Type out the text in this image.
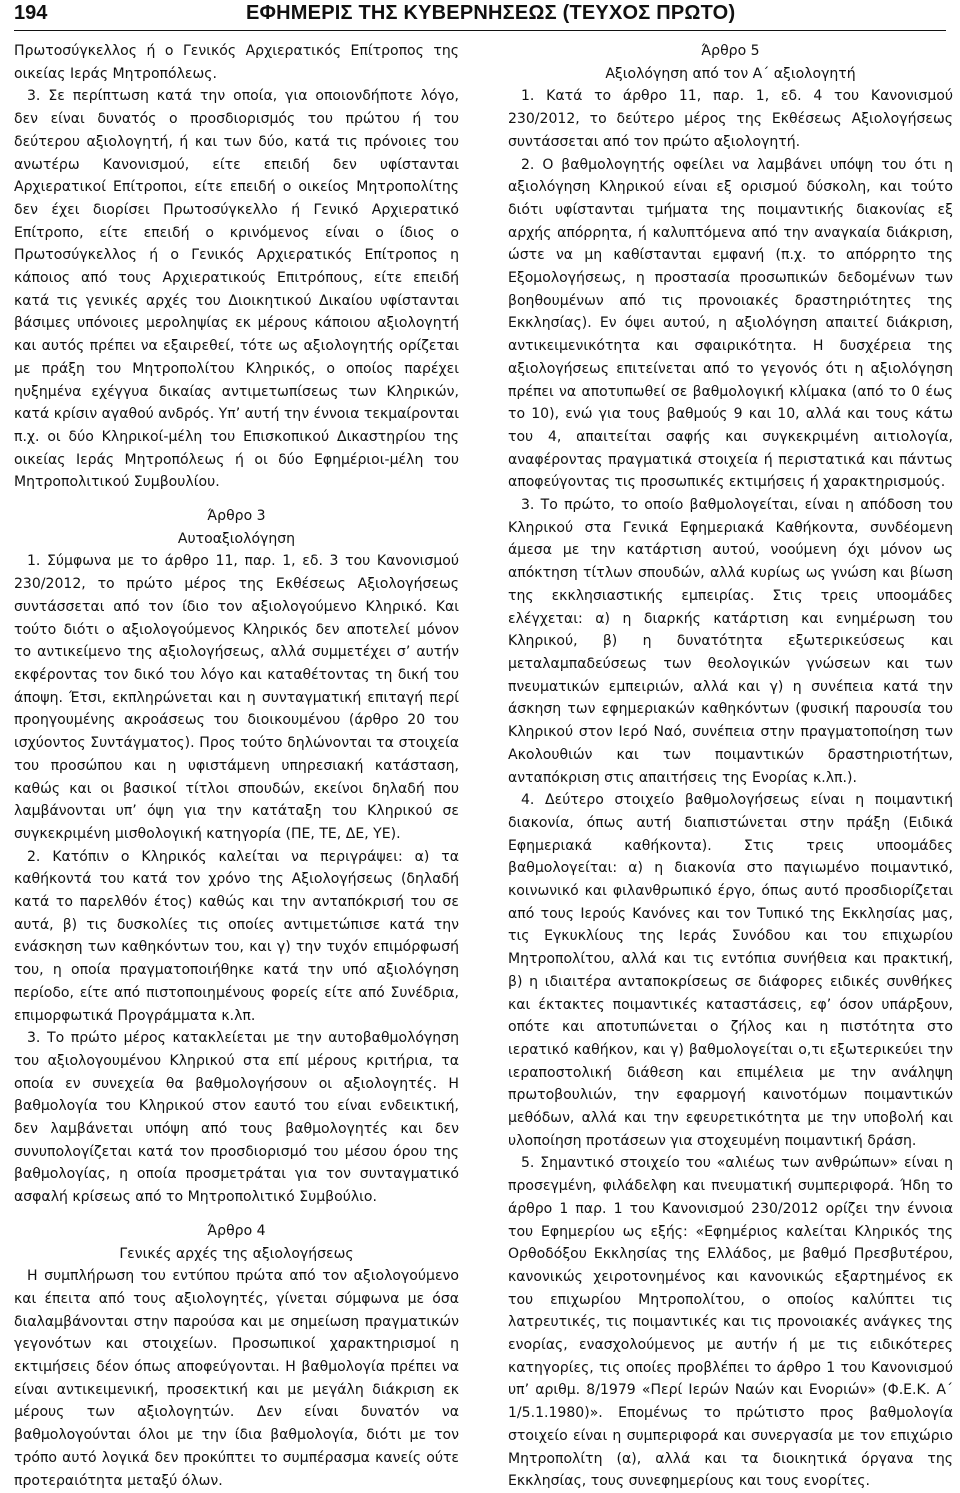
194	ΕΦΗΜΕΡΙΣ ΤΗΣ ΚΥΒΕΡΝΗΣΕΩΣ (ΤΕΥΧΟΣ ΠΡΩΤΟ)

Πρωτοσύγκελλος ή ο Γενικός Αρχιερατικός Επίτροπος της οικείας Ιεράς Μητροπόλεως.

3. Σε περίπτωση κατά την οποία, για οποιονδήποτε λόγο, δεν είναι δυνατός ο προσδιορισμός του πρώτου ή του δεύτερου αξιολογητή, ή και των δύο, κατά τις πρόνοιες του ανωτέρω Κανονισμού, είτε επειδή δεν υφίστανται Αρχιερατικοί Επίτροποι, είτε επειδή ο οικείος Μητροπολίτης δεν έχει διορίσει Πρωτοσύγκελλο ή Γενικό Αρχιερατικό Επίτροπο, είτε επειδή ο κρινόμενος είναι ο ίδιος ο Πρωτοσύγκελλος ή ο Γενικός Αρχιερατικός Επίτροπος η κάποιος από τους Αρχιερατικούς Επιτρόπους, είτε επειδή κατά τις γενικές αρχές του Διοικητικού Δικαίου υφίστανται βάσιμες υπόνοιες μεροληψίας εκ μέρους κάποιου αξιολογητή και αυτός πρέπει να εξαιρεθεί, τότε ως αξιολογητής ορίζεται με πράξη του Μητροπολίτου Κληρικός, ο οποίος παρέχει ηυξημένα εχέγγυα δικαίας αντιμετωπίσεως των Κληρικών, κατά κρίσιν αγαθού ανδρός. Υπ’ αυτή την έννοια τεκμαίρονται π.χ. οι δύο Κληρικοί-μέλη του Επισκοπικού Δικαστηρίου της οικείας Ιεράς Μητροπόλεως ή οι δύο Εφημέριοι-μέλη του Μητροπολιτικού Συμβουλίου.

Άρθρο 3
Αυτοαξιολόγηση

1. Σύμφωνα με το άρθρο 11, παρ. 1, εδ. 3 του Κανονισμού 230/2012, το πρώτο μέρος της Εκθέσεως Αξιολογήσεως συντάσσεται από τον ίδιο τον αξιολογούμενο Κληρικό. Και τούτο διότι ο αξιολογούμενος Κληρικός δεν αποτελεί μόνον το αντικείμενο της αξιολογήσεως, αλλά συμμετέχει σ’ αυτήν εκφέροντας τον δικό του λόγο και καταθέτοντας τη δική του άποψη. Έτσι, εκπληρώνεται και η συνταγματική επιταγή περί προηγουμένης ακροάσεως του διοικουμένου (άρθρο 20 του ισχύοντος Συντάγματος). Προς τούτο δηλώνονται τα στοιχεία του προσώπου και η υφιστάμενη υπηρεσιακή κατάσταση, καθώς και οι βασικοί τίτλοι σπουδών, εκείνοι δηλαδή που λαμβάνονται υπ’ όψη για την κατάταξη του Κληρικού σε συγκεκριμένη μισθολογική κατηγορία (ΠΕ, ΤΕ, ΔΕ, ΥΕ).

2. Κατόπιν ο Κληρικός καλείται να περιγράψει: α) τα καθήκοντά του κατά τον χρόνο της Αξιολογήσεως (δηλαδή κατά το παρελθόν έτος) καθώς και την ανταπόκρισή του σε αυτά, β) τις δυσκολίες τις οποίες αντιμετώπισε κατά την ενάσκηση των καθηκόντων του, και γ) την τυχόν επιμόρφωσή του, η οποία πραγματοποιήθηκε κατά την υπό αξιολόγηση περίοδο, είτε από πιστοποιημένους φορείς είτε από Συνέδρια, επιμορφωτικά Προγράμματα κ.λπ.

3. Το πρώτο μέρος κατακλείεται με την αυτοβαθμολόγηση του αξιολογουμένου Κληρικού στα επί μέρους κριτήρια, τα οποία εν συνεχεία θα βαθμολογήσουν οι αξιολογητές. Η βαθμολογία του Κληρικού στον εαυτό του είναι ενδεικτική, δεν λαμβάνεται υπόψη από τους βαθμολογητές και δεν συνυπολογίζεται κατά τον προσδιορισμό του μέσου όρου της βαθμολογίας, η οποία προσμετράται για τον συνταγματικό ασφαλή κρίσεως από το Μητροπολιτικό Συμβούλιο.

Άρθρο 4
Γενικές αρχές της αξιολογήσεως

Η συμπλήρωση του εντύπου πρώτα από τον αξιολογούμενο και έπειτα από τους αξιολογητές, γίνεται σύμφωνα με όσα διαλαμβάνονται στην παρούσα και με σημείωση πραγματικών γεγονότων και στοιχείων. Προσωπικοί χαρακτηρισμοί η εκτιμήσεις δέον όπως αποφεύγονται. Η βαθμολογία πρέπει να είναι αντικειμενική, προσεκτική και με μεγάλη διάκριση εκ μέρους των αξιολογητών. Δεν είναι δυνατόν να βαθμολογούνται όλοι με την ίδια βαθμολογία, διότι με τον τρόπο αυτό λογικά δεν προκύπτει το συμπέρασμα κανείς ούτε προτεραιότητα μεταξύ όλων.

Άρθρο 5
Αξιολόγηση από τον Α΄ αξιολογητή

1. Κατά το άρθρο 11, παρ. 1, εδ. 4 του Κανονισμού 230/2012, το δεύτερο μέρος της Εκθέσεως Αξιολογήσεως συντάσσεται από τον πρώτο αξιολογητή.

2. Ο βαθμολογητής οφείλει να λαμβάνει υπόψη του ότι η αξιολόγηση Κληρικού είναι εξ ορισμού δύσκολη, και τούτο διότι υφίστανται τμήματα της ποιμαντικής διακονίας εξ αρχής απόρρητα, ή καλυπτόμενα από την αναγκαία διάκριση, ώστε να μη καθίστανται εμφανή (π.χ. το απόρρητο της Εξομολογήσεως, η προστασία προσωπικών δεδομένων των βοηθουμένων από τις προνοιακές δραστηριότητες της Εκκλησίας). Εν όψει αυτού, η αξιολόγηση απαιτεί διάκριση, αντικειμενικότητα και σφαιρικότητα. Η δυσχέρεια της αξιολογήσεως επιτείνεται από το γεγονός ότι η αξιολόγηση πρέπει να αποτυπωθεί σε βαθμολογική κλίμακα (από το 0 έως το 10), ενώ για τους βαθμούς 9 και 10, αλλά και τους κάτω του 4, απαιτείται σαφής και συγκεκριμένη αιτιολογία, αναφέροντας πραγματικά στοιχεία ή περιστατικά και πάντως αποφεύγοντας τις προσωπικές εκτιμήσεις ή χαρακτηρισμούς.

3. Το πρώτο, το οποίο βαθμολογείται, είναι η απόδοση του Κληρικού στα Γενικά Εφημεριακά Καθήκοντα, συνδέομενη άμεσα με την κατάρτιση αυτού, νοούμενη όχι μόνον ως απόκτηση τίτλων σπουδών, αλλά κυρίως ως γνώση και βίωση της εκκλησιαστικής εμπειρίας. Στις τρεις υποομάδες ελέγχεται: α) η διαρκής κατάρτιση και ενημέρωση του Κληρικού, β) η δυνατότητα εξωτερικεύσεως και μεταλαμπαδεύσεως των θεολογικών γνώσεων και των πνευματικών εμπειριών, αλλά και γ) η συνέπεια κατά την άσκηση των εφημεριακών καθηκόντων (φυσική παρουσία του Κληρικού στον Ιερό Ναό, συνέπεια στην πραγματοποίηση των Ακολουθιών και των ποιμαντικών δραστηριοτήτων, ανταπόκριση στις απαιτήσεις της Ενορίας κ.λπ.).

4. Δεύτερο στοιχείο βαθμολογήσεως είναι η ποιμαντική διακονία, όπως αυτή διαπιστώνεται στην πράξη (Ειδικά Εφημεριακά καθήκοντα). Στις τρεις υποομάδες βαθμολογείται: α) η διακονία στο παγιωμένο ποιμαντικό, κοινωνικό και φιλανθρωπικό έργο, όπως αυτό προσδιορίζεται από τους Ιερούς Κανόνες και τον Τυπικό της Εκκλησίας μας, τις Εγκυκλίους της Ιεράς Συνόδου και του επιχωρίου Μητροπολίτου, αλλά και τις εντόπια συνήθεια και πρακτική, β) η ιδιαιτέρα ανταποκρίσεως σε διάφορες ειδικές συνθήκες και έκτακτες ποιμαντικές καταστάσεις, εφ’ όσον υπάρξουν, οπότε και αποτυπώνεται ο ζήλος και η πιστότητα στο ιερατικό καθήκον, και γ) βαθμολογείται ο,τι εξωτερικεύει την ιεραποστολική διάθεση και επιμέλεια με την ανάληψη πρωτοβουλιών, την εφαρμογή καινοτόμων ποιμαντικών μεθόδων, αλλά και την εφευρετικότητα με την υποβολή και υλοποίηση προτάσεων για στοχευμένη ποιμαντική δράση.

5. Σημαντικό στοιχείο του «αλιέως των ανθρώπων» είναι η προσεγμένη, φιλάδελφη και πνευματική συμπεριφορά. Ήδη το άρθρο 1 παρ. 1 του Κανονισμού 230/2012 ορίζει την έννοια του Εφημερίου ως εξής: «Εφημέριος καλείται Κληρικός της Ορθοδόξου Εκκλησίας της Ελλάδος, με βαθμό Πρεσβυτέρου, κανονικώς χειροτονημένος και κανονικώς εξαρτημένος εκ του επιχωρίου Μητροπολίτου, ο οποίος καλύπτει τις λατρευτικές, τις ποιμαντικές και τις προνοιακές ανάγκες της ενορίας, ενασχολούμενος με αυτήν ή με τις ειδικότερες κατηγορίες, τις οποίες προβλέπει το άρθρο 1 του Κανονισμού υπ’ αριθμ. 8/1979 «Περί Ιερών Ναών και Ενοριών» (Φ.Ε.Κ. Α΄ 1/5.1.1980)». Επομένως το πρώτιστο προς βαθμολογία στοιχείο είναι η συμπεριφορά και συνεργασία με τον επιχώριο Μητροπολίτη (α), αλλά και τα διοικητικά όργανα της Εκκλησίας, τους συνεφημερίους και τους ενορίτες.
